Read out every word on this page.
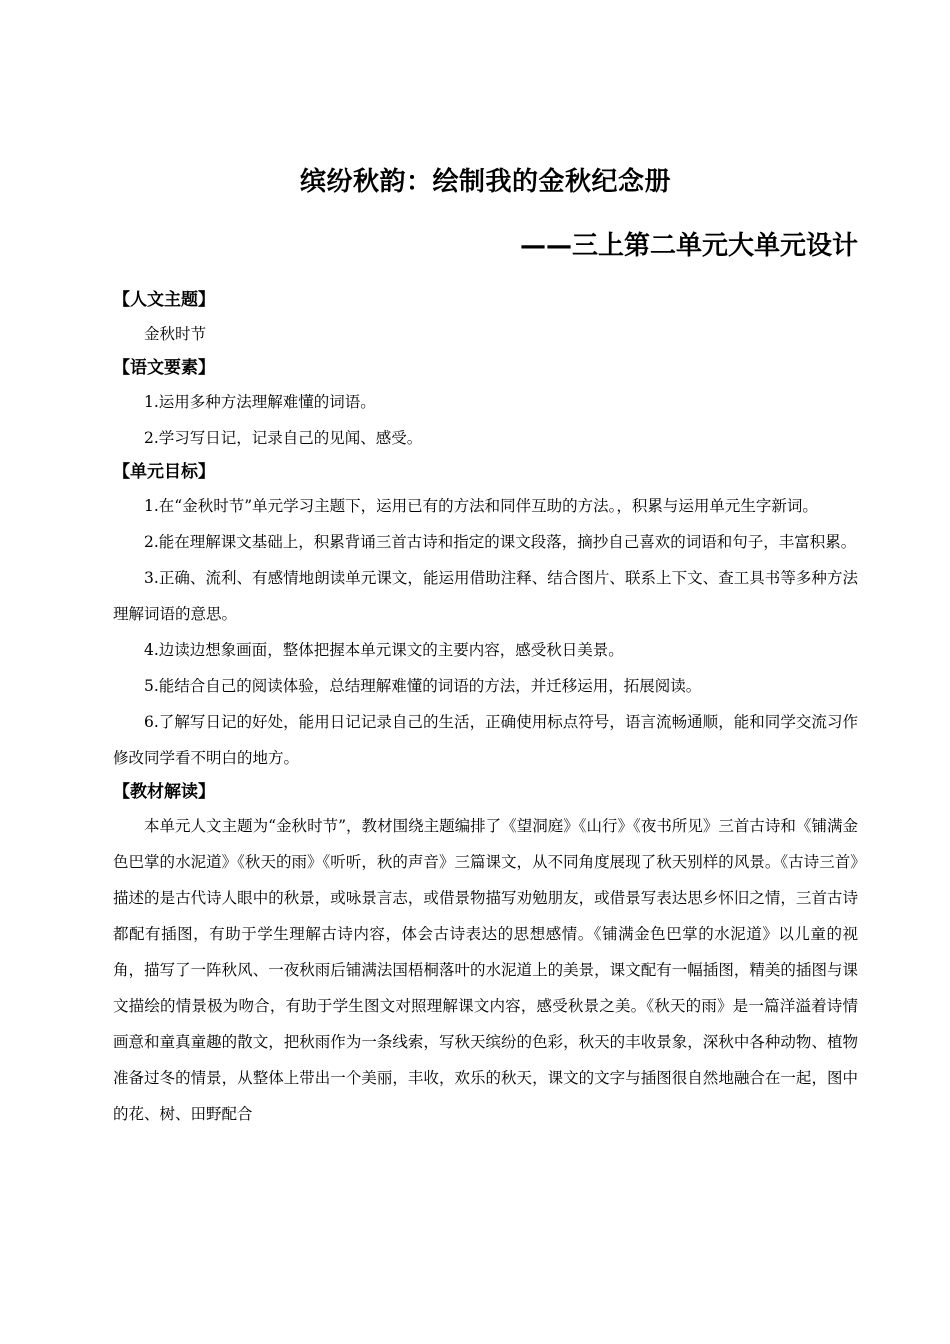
缤纷秋韵：绘制我的金秋纪念册
——三上第二单元大单元设计
【人文主题】

金秋时节

【语文要素】

1.运用多种方法理解难懂的词语。

2.学习写日记，记录自己的见闻、感受。

【单元目标】

1.在“金秋时节”单元学习主题下，运用已有的方法和同伴互助的方法。，积累与运用单元生字新词。

2.能在理解课文基础上，积累背诵三首古诗和指定的课文段落，摘抄自己喜欢的词语和句子，丰富积累。

3.正确、流利、有感情地朗读单元课文，能运用借助注释、结合图片、联系上下文、查工具书等多种方法理解词语的意思。

4.边读边想象画面，整体把握本单元课文的主要内容，感受秋日美景。

5.能结合自己的阅读体验，总结理解难懂的词语的方法，并迁移运用，拓展阅读。

6.了解写日记的好处，能用日记记录自己的生活，正确使用标点符号，语言流畅通顺，能和同学交流习作修改同学看不明白的地方。

【教材解读】

本单元人文主题为“金秋时节”，教材围绕主题编排了《望洞庭》《山行》《夜书所见》三首古诗和《铺满金色巴掌的水泥道》《秋天的雨》《听听，秋的声音》三篇课文，从不同角度展现了秋天别样的风景。《古诗三首》描述的是古代诗人眼中的秋景，或咏景言志，或借景物描写劝勉朋友，或借景写表达思乡怀旧之情，三首古诗都配有插图，有助于学生理解古诗内容，体会古诗表达的思想感情。《铺满金色巴掌的水泥道》以儿童的视角，描写了一阵秋风、一夜秋雨后铺满法国梧桐落叶的水泥道上的美景，课文配有一幅插图，精美的插图与课文描绘的情景极为吻合，有助于学生图文对照理解课文内容，感受秋景之美。《秋天的雨》是一篇洋溢着诗情画意和童真童趣的散文，把秋雨作为一条线索，写秋天缤纷的色彩，秋天的丰收景象，深秋中各种动物、植物准备过冬的情景，从整体上带出一个美丽，丰收，欢乐的秋天，课文的文字与插图很自然地融合在一起，图中的花、树、田野配合
